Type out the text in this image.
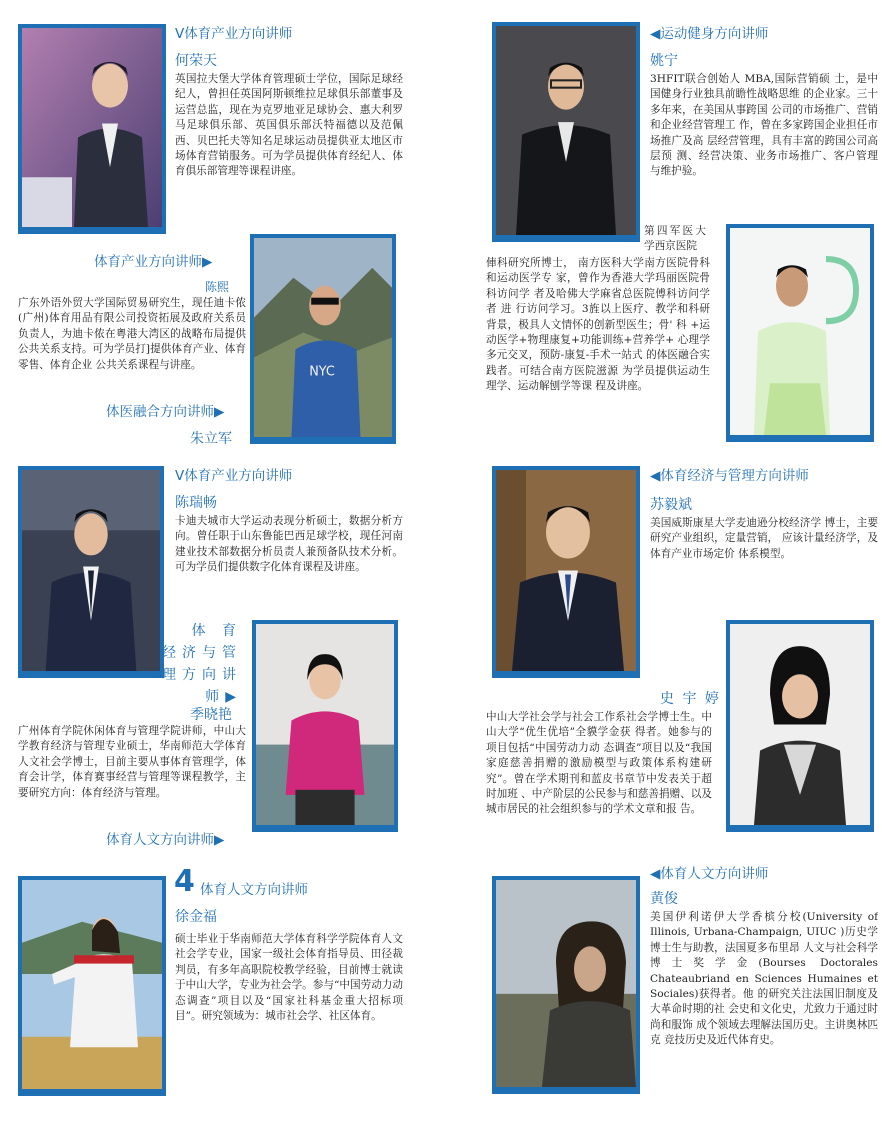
Ⅴ体育产业方向讲师
何荣天
英国拉夫堡大学体育管理硕士学位，国际足球经纪人，曾担任英国阿斯顿维拉足球俱乐部董事及运营总监，现在为克罗地亚足球协会、惠大利罗马足球俱乐部、英国俱乐部沃特福德以及范佩西、贝巴托夫等知名足球运动员提供亚太地区市场体育营销服务。可为学员提供体育经纪人、体育俱乐部管理等课程讲座。
体育产业方向讲师▶
陈熙
广东外语外贸大学国际贸易研究生，现任迪卡侬(广州)体育用品有限公司投资拓展及政府关系员负责人，为迪卡侬在粤港大湾区的战略布局提供公共关系支持。可为学员打]提供体育产业、体育零售、体育企业 公共关系课程与讲座。	NYC
体医融合方向讲师▶
朱立军
Ⅴ体育产业方向讲师
陈瑞畅
卡迪夫城市大学运动表现分析硕士，数据分析方向。曾任职于山东鲁能巴西足球学校，现任河南建业技术部数据分析员责人兼预备队技术分析。可为学员们提供数字化体育课程及讲座。
体 育 经济与管理方向讲师▶
季晓艳
广州体育学院休闲体育与管理学院讲师，中山大学教育经济与管理专业硕士，华南师范大学体育人文社会学博士，目前主要从事体育管理学，体育会计学，体育赛事经营与管理等课程教学，主要研究方向：体育经济与管理。
体育人文方向讲师▶
4 体育人文方向讲师
徐金福
硕士毕业于华南师范大学体育科学学院体育人文社会学专业，国家一级社会体育指导员、田径裁判员，有多年高职院校教学经验，目前博士就读于中山大学，专业为社会学。参与“中国劳动力动态调查”项目以及“国家社科基金重大招标项目”。研究领域为：城市社会学、社区体育。
◀运动健身方向讲师
姚宁
3HFIT联合创始人 MBA,国际营销硕 士，是中国健身行业独具前瞻性战略思维 的企业家。三十多年来，在美国从事跨国 公司的市场推广、营销和企业经营管理工 作，曾在多家跨国企业担任市场推广及高 层经营管理，具有丰富的跨国公司高层预 测、经营决策、业务市场推广、客户管理 与维护验。
第四军医大学西京医院
俥科研究所博士， 南方医科大学南方医院骨科和运动医学专 家，曾作为香港大学玛丽医院骨科访问学 者及哈佛大学麻省总医院傅科访问学者 进 行访问学习。3旌以上医疗、教学和科研 背景，极具人文情怀的创新型医生；骨' 科 +运动医学+物理康复+功能训练+营养学+ 心理学多元交叉，预防-康复-手术一站式 的体医融合实践者。可结合南方医院滋源 为学员提供运动生理学、运动解刨学等课 程及讲座。
◀体育经济与管理方向讲师
苏毅斌
美国威斯康星大学麦迪逊分校经济学 博士，主要研究产业组织，定量营销， 应该计量经济学，及体育产业市场定价 体系模型。
史 宇 婷
中山大学社会学与社会工作系社会学博士生。中山大学“优生优培”全貘学金获 得者。她参与的项目包括“中国劳动力动 态调查”项目以及“我国家庭慈善捐赠的激励模型与政策体系构建研究”。曾在学术期刊和蓝皮书章节中发表关于超时加班 、中产阶层的公民参与和慈善捐赠、以及 城市居民的社会组织参与的学术文章和报 告。
◀体育人文方向讲师
黄俊
美国伊利诺伊大学香槟分校(University of Illinois, Urbana-Champaign, UIUC )历史学博士生与助教，法国夏多布里昂 人文与社会科学博士奖学金(Bourses Doctorales Chateaubriand en Sciences Humaines et Sociales)获得者。他 的研究关注法国旧制度及大革命时期的社 会史和文化史，尤致力于通过时尚和服饰 成个领域去理解法国历史。主讲奥林匹克 竞技历史及近代体育史。
